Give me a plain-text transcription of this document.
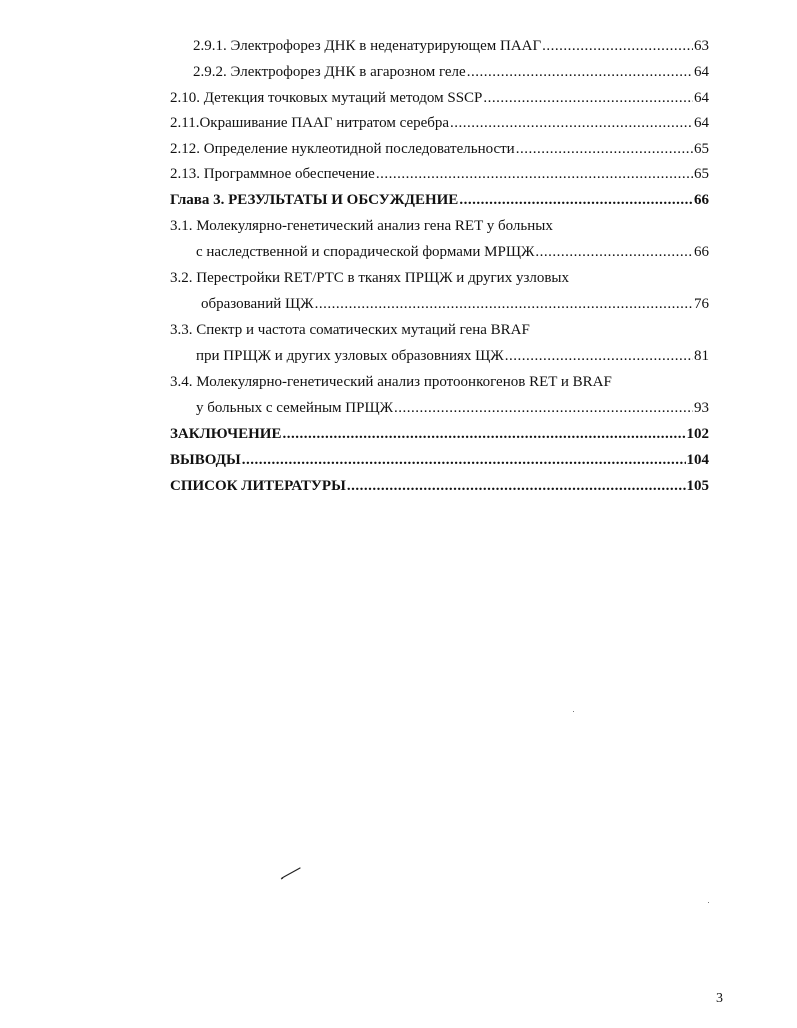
2.9.1. Электрофорез ДНК в неденатурирующем ПААГ .....	63
2.9.2. Электрофорез ДНК в агарозном геле .....	64
2.10. Детекция точковых мутаций методом SSCP .....	64
2.11.Окрашивание ПААГ нитратом серебра .....	64
2.12. Определение нуклеотидной последовательности .....	65
2.13. Программное обеспечение .....	65
Глава 3. РЕЗУЛЬТАТЫ И ОБСУЖДЕНИЕ .....	66
3.1. Молекулярно-генетический анализ гена RET у больных
с наследственной и спорадической формами МРЩЖ .....	66
3.2. Перестройки RET/PTC в тканях ПРЩЖ и других узловых
образований ЩЖ .....	76
3.3. Спектр и частота соматических мутаций гена BRAF
при ПРЩЖ и других узловых образовниях ЩЖ .....	81
3.4. Молекулярно-генетический анализ протоонкогенов RET и BRAF
у больных с семейным ПРЩЖ .....	93
ЗАКЛЮЧЕНИЕ .....	102
ВЫВОДЫ .....	104
СПИСОК ЛИТЕРАТУРЫ .....	105
3
